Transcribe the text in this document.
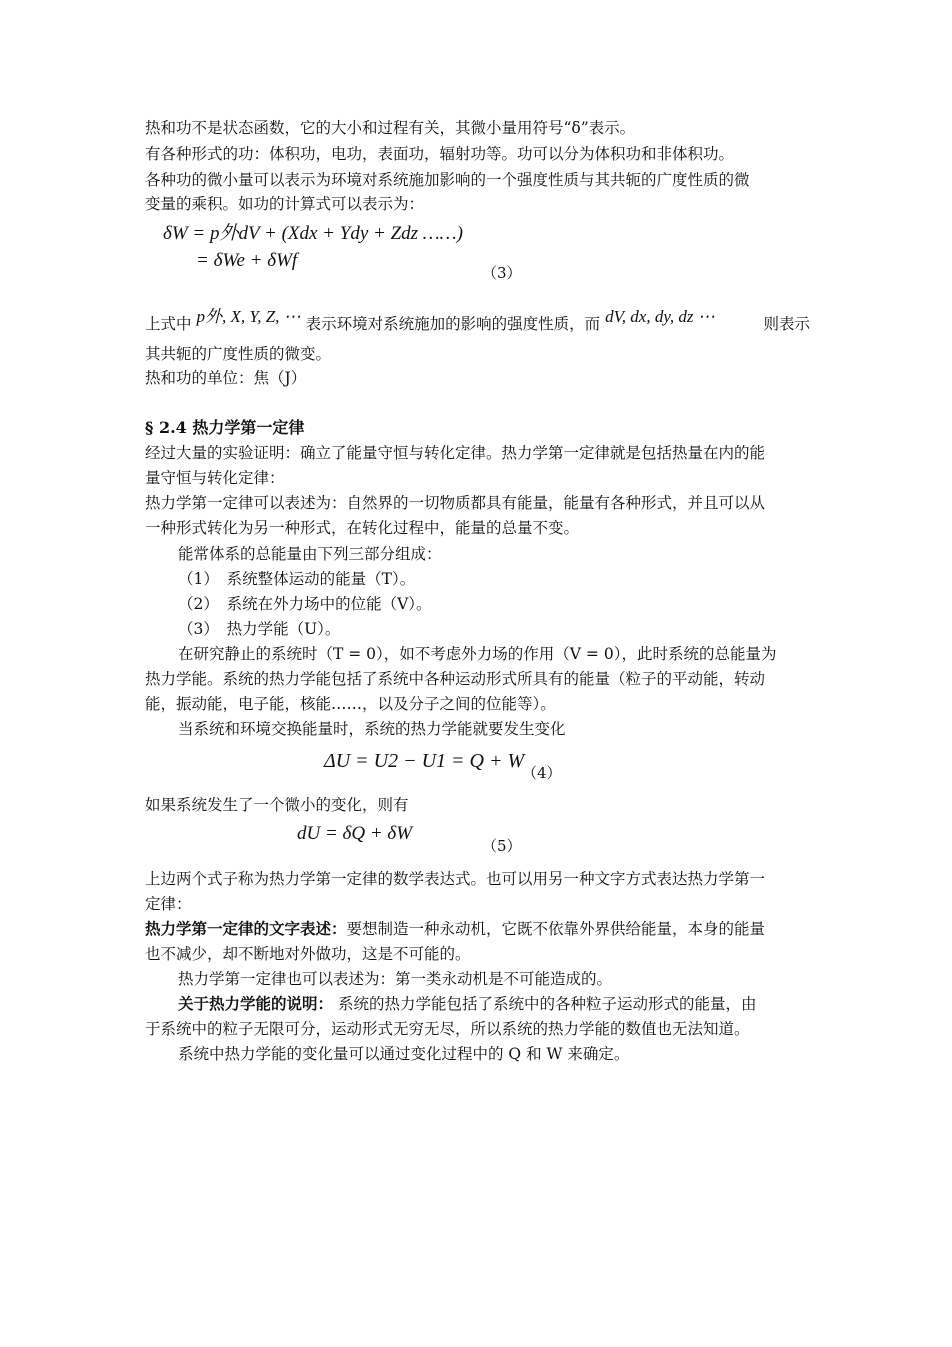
热和功不是状态函数，它的大小和过程有关，其微小量用符号“δ”表示。
有各种形式的功：体积功，电功，表面功，辐射功等。功可以分为体积功和非体积功。
各种功的微小量可以表示为环境对系统施加影响的一个强度性质与其共轭的广度性质的微
变量的乘积。如功的计算式可以表示为：
δW = p外dV + (Xdx + Ydy + Zdz ……)
= δWe + δWf
（3）
上式中 p外, X, Y, Z, ⋯ 表示环境对系统施加的影响的强度性质，而 dV, dx, dy, dz ⋯	则表示
其共轭的广度性质的微变。
热和功的单位：焦（J）
§ 2.4 热力学第一定律
经过大量的实验证明：确立了能量守恒与转化定律。热力学第一定律就是包括热量在内的能
量守恒与转化定律：
热力学第一定律可以表述为：自然界的一切物质都具有能量，能量有各种形式，并且可以从
一种形式转化为另一种形式，在转化过程中，能量的总量不变。
能常体系的总能量由下列三部分组成：
（1）　系统整体运动的能量（T）。
（2）　系统在外力场中的位能（V）。
（3）　热力学能（U）。
在研究静止的系统时（T = 0），如不考虑外力场的作用（V = 0），此时系统的总能量为
热力学能。系统的热力学能包括了系统中各种运动形式所具有的能量（粒子的平动能，转动
能，振动能，电子能，核能……，以及分子之间的位能等）。
当系统和环境交换能量时，系统的热力学能就要发生变化
ΔU = U2 − U1 = Q + W
（4）
如果系统发生了一个微小的变化，则有
dU = δQ + δW
（5）
上边两个式子称为热力学第一定律的数学表达式。也可以用另一种文字方式表达热力学第一
定律：
热力学第一定律的文字表述：要想制造一种永动机，它既不依靠外界供给能量，本身的能量
也不减少，却不断地对外做功，这是不可能的。
热力学第一定律也可以表述为：第一类永动机是不可能造成的。
关于热力学能的说明： 系统的热力学能包括了系统中的各种粒子运动形式的能量，由
于系统中的粒子无限可分，运动形式无穷无尽，所以系统的热力学能的数值也无法知道。
系统中热力学能的变化量可以通过变化过程中的 Q 和 W 来确定。
